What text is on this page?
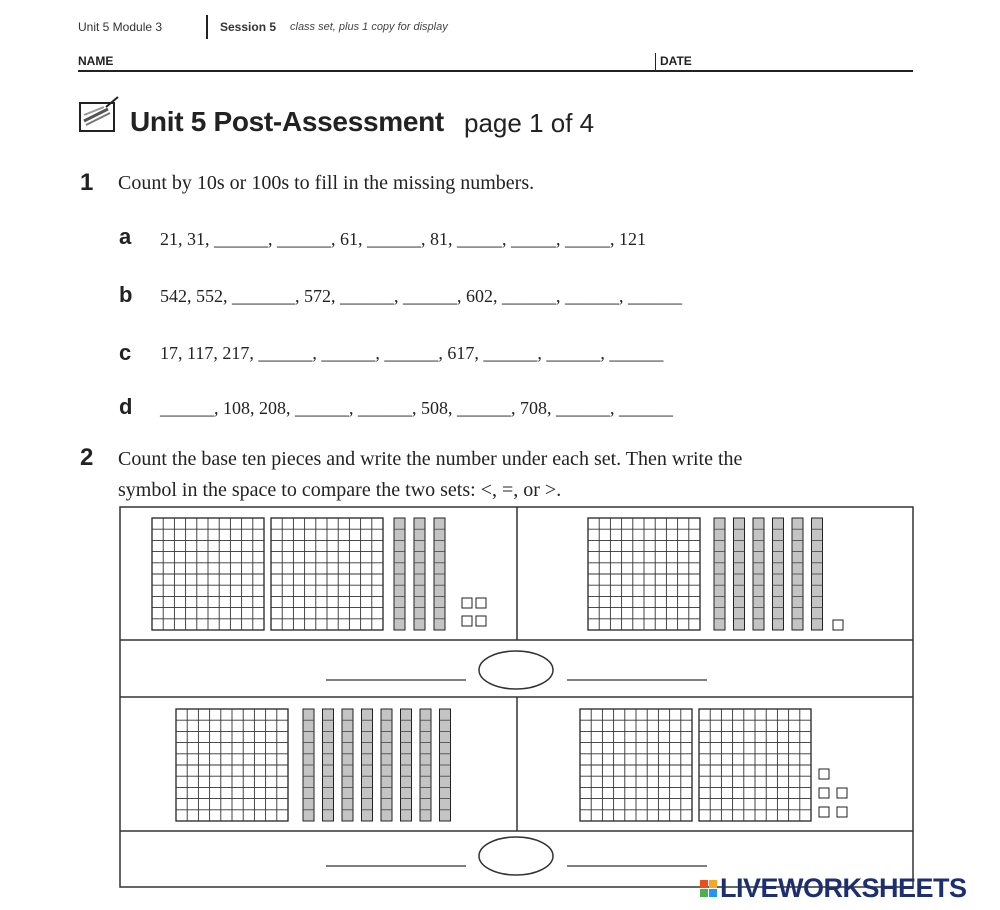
Unit 5 Module 3	Session 5 class set, plus 1 copy for display
NAME	DATE
Unit 5 Post-Assessment page 1 of 4
1 Count by 10s or 100s to fill in the missing numbers.
a 21, 31, ______, ______, 61, ______, 81, _____, _____, _____, 121
b 542, 552, _______, 572, ______, ______, 602, ______, ______, ______
c 17, 117, 217, ______, ______, ______, 617, ______, ______, ______
d ______, 108, 208, ______, ______, 508, ______, 708, ______, ______
2 Count the base ten pieces and write the number under each set. Then write the
symbol in the space to compare the two sets: <, =, or >.
LIVEWORKSHEETS
